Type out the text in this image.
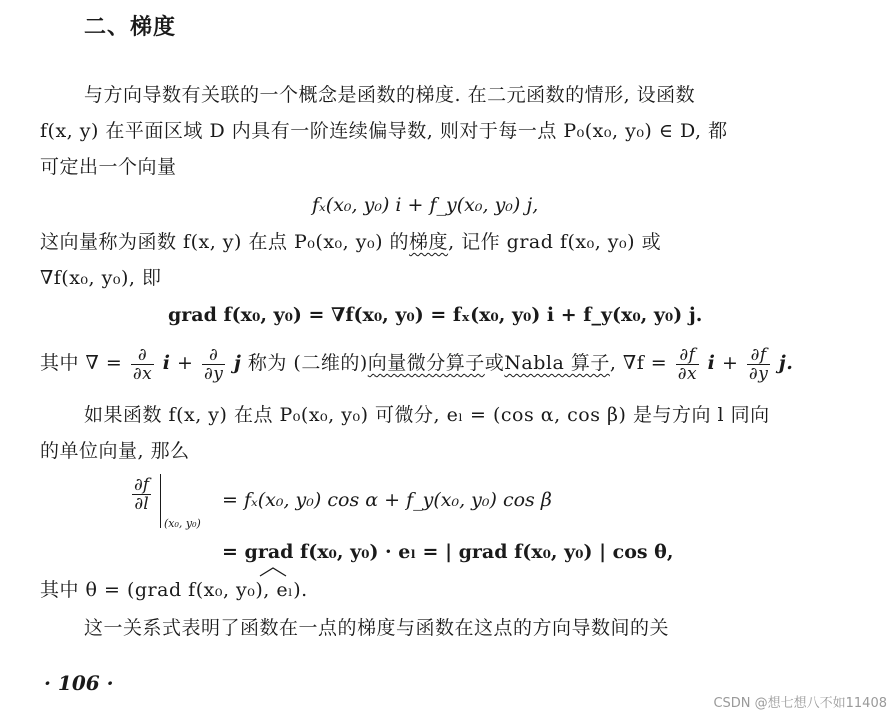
二、梯度
与方向导数有关联的一个概念是函数的梯度. 在二元函数的情形, 设函数
f(x, y) 在平面区域 D 内具有一阶连续偏导数, 则对于每一点 P₀(x₀, y₀) ∈ D, 都
可定出一个向量
fₓ(x₀, y₀) i + f_y(x₀, y₀) j,
这向量称为函数 f(x, y) 在点 P₀(x₀, y₀) 的梯度, 记作 grad f(x₀, y₀) 或
∇f(x₀, y₀), 即
grad f(x₀, y₀) = ∇f(x₀, y₀) = fₓ(x₀, y₀) i + f_y(x₀, y₀) j.
其中 ∇ = $\frac{\partial}{\partial x}$ $i + \frac{\partial}{\partial y}$ j 称为 (二维的)向量微分算子或Nabla 算子, $\nabla f = \frac{\partial f}{\partial x}$ $i + \frac{\partial f}{\partial y} j$.
如果函数 f(x, y) 在点 P₀(x₀, y₀) 可微分, eₗ = (cos α, cos β) 是与方向 l 同向
的单位向量, 那么
$\frac{\partial f}{\partial l}$
(x₀, y₀)
= fₓ(x₀, y₀) cos α + f_y(x₀, y₀) cos β
= grad f(x₀, y₀) · eₗ = | grad f(x₀, y₀) | cos θ,
其中 θ = (grad f(x₀, y₀), eₗ).
这一关系式表明了函数在一点的梯度与函数在这点的方向导数间的关
· 106 ·
CSDN @想七想八不如11408
